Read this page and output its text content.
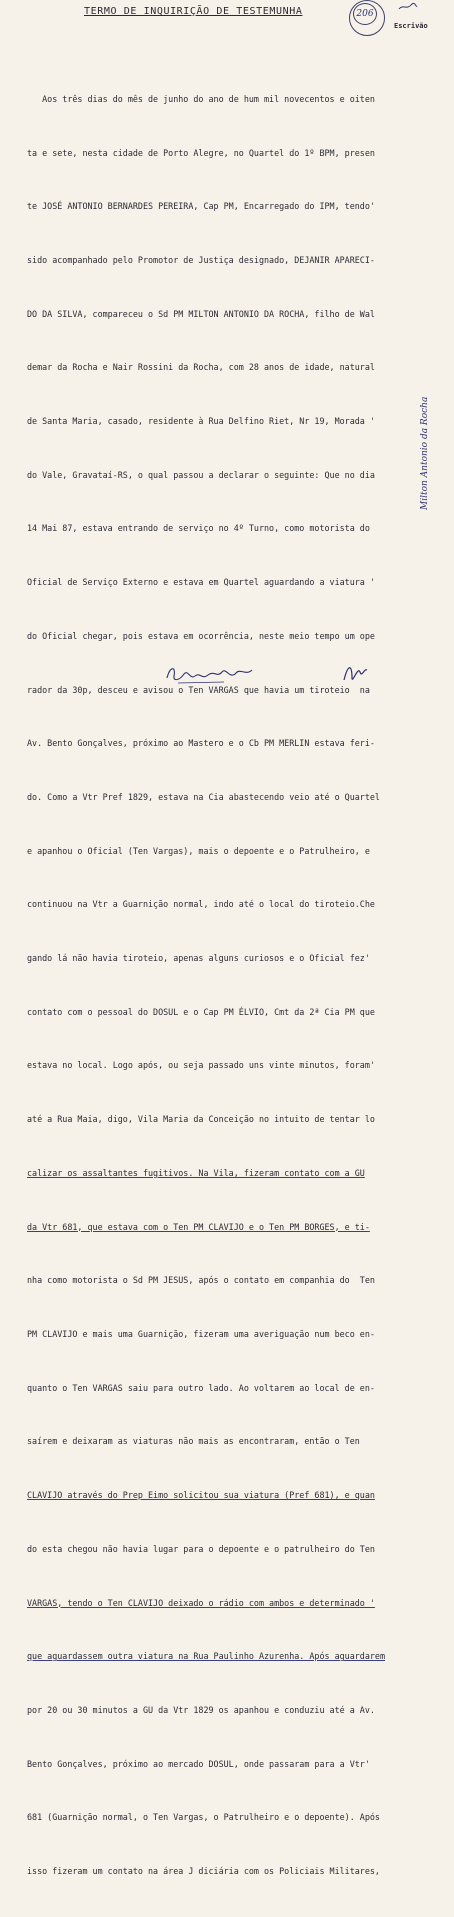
TERMO DE INQUIRIÇÃO DE TESTEMUNHA	206
Escrivão

Aos três dias do mês de junho do ano de hum mil novecentos e oiten

ta e sete, nesta cidade de Porto Alegre, no Quartel do 1º BPM, presen

te JOSÉ ANTONIO BERNARDES PEREIRA, Cap PM, Encarregado do IPM, tendo'

sido acompanhado pelo Promotor de Justiça designado, DEJANIR APARECI-

DO DA SILVA, compareceu o Sd PM MILTON ANTONIO DA ROCHA, filho de Wal

demar da Rocha e Nair Rossini da Rocha, com 28 anos de idade, natural

de Santa Maria, casado, residente à Rua Delfino Riet, Nr 19, Morada '

do Vale, Gravataí-RS, o qual passou a declarar o seguinte: Que no dia

14 Mai 87, estava entrando de serviço no 4º Turno, como motorista do

Oficial de Serviço Externo e estava em Quartel aguardando a viatura '

do Oficial chegar, pois estava em ocorrência, neste meio tempo um ope

rador da 30p, desceu e avisou o Ten VARGAS que havia um tiroteio  na

Av. Bento Gonçalves, próximo ao Mastero e o Cb PM MERLIN estava feri-

do. Como a Vtr Pref 1829, estava na Cia abastecendo veio até o Quartel

e apanhou o Oficial (Ten Vargas), mais o depoente e o Patrulheiro, e

continuou na Vtr a Guarnição normal, indo até o local do tiroteio.Che

gando lá não havia tiroteio, apenas alguns curiosos e o Oficial fez'

contato com o pessoal do DOSUL e o Cap PM ÉLVIO, Cmt da 2ª Cia PM que

estava no local. Logo após, ou seja passado uns vinte minutos, foram'

até a Rua Maia, digo, Vila Maria da Conceição no intuito de tentar lo

calizar os assaltantes fugitivos. Na Vila, fizeram contato com a GU

da Vtr 681, que estava com o Ten PM CLAVIJO e o Ten PM BORGES, e ti-

nha como motorista o Sd PM JESUS, após o contato em companhia do  Ten

PM CLAVIJO e mais uma Guarnição, fizeram uma averiguação num beco en-

quanto o Ten VARGAS saiu para outro lado. Ao voltarem ao local de en-

saírem e deixaram as viaturas não mais as encontraram, então o Ten

CLAVIJO através do Prep Eimo solicitou sua viatura (Pref 681), e quan

do esta chegou não havia lugar para o depoente e o patrulheiro do Ten

VARGAS, tendo o Ten CLAVIJO deixado o rádio com ambos e determinado '

que aguardassem outra viatura na Rua Paulinho Azurenha. Após aguardarem

por 20 ou 30 minutos a GU da Vtr 1829 os apanhou e conduziu até a Av.

Bento Gonçalves, próximo ao mercado DOSUL, onde passaram para a Vtr'

681 (Guarnição normal, o Ten Vargas, o Patrulheiro e o depoente). Após

isso fizeram um contato na área J diciária com os Policiais Militares,

Milton Antonio da Rocha
